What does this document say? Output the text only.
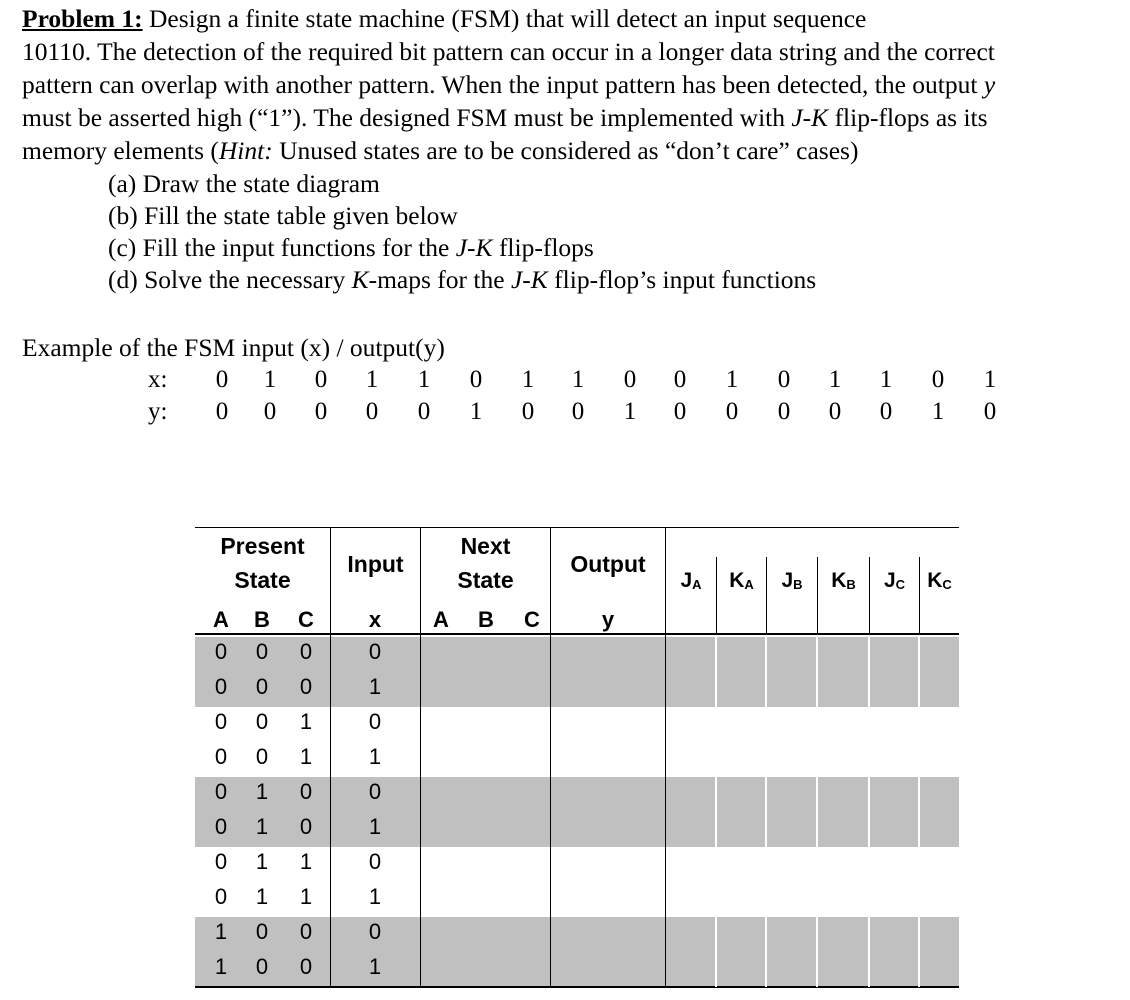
Problem 1: Design a finite state machine (FSM) that will detect an input sequence
10110. The detection of the required bit pattern can occur in a longer data string and the correct
pattern can overlap with another pattern. When the input pattern has been detected, the output y
must be asserted high (“1”). The designed FSM must be implemented with J-K flip-flops as its
memory elements (Hint: Unused states are to be considered as “don’t care” cases)
(a) Draw the state diagram
(b) Fill the state table given below
(c) Fill the input functions for the J-K flip-flops
(d) Solve the necessary K-maps for the J-K flip-flop’s input functions
Example of the FSM input (x) / output(y)
x:
y:
0	1	0	1	1	0	1	1	0	0	1	0	1	1	0	1
0	0	0	0	0	1	0	0	1	0	0	0	0	0	1	0
Present
State
Input
Next
State
Output
$J_A$	$K_A$	$J_B$	$K_B$	$J_C$	$K_C$
A	B	C	x	A	B	C	y
0	0	0	0
0	0	0	1
0	0	1	0
0	0	1	1
0	1	0	0
0	1	0	1
0	1	1	0
0	1	1	1
1	0	0	0
1	0	0	1
